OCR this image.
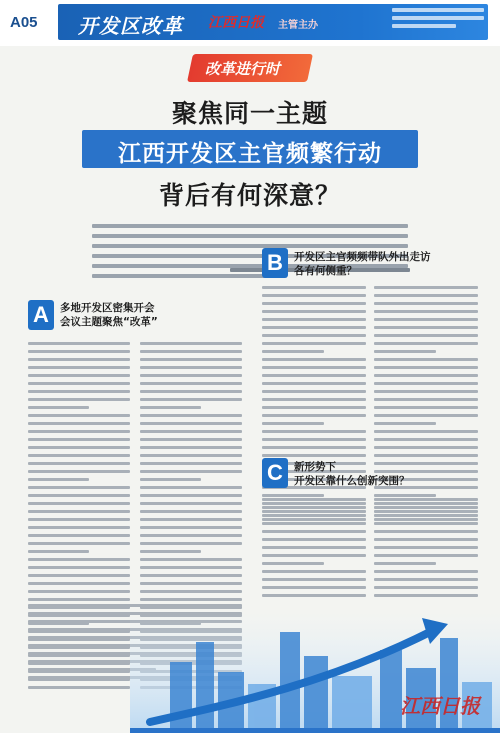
A05 开发区改革 江西日报 主管主办
改革进行时
聚焦同一主题
江西开发区主官频繁行动
背后有何深意？
A	多地开发区密集开会
会议主题聚焦“改革”
B	开发区主官频频带队外出走访
各有何侧重？
C	新形势下
开发区靠什么创新突围？
江西日报
